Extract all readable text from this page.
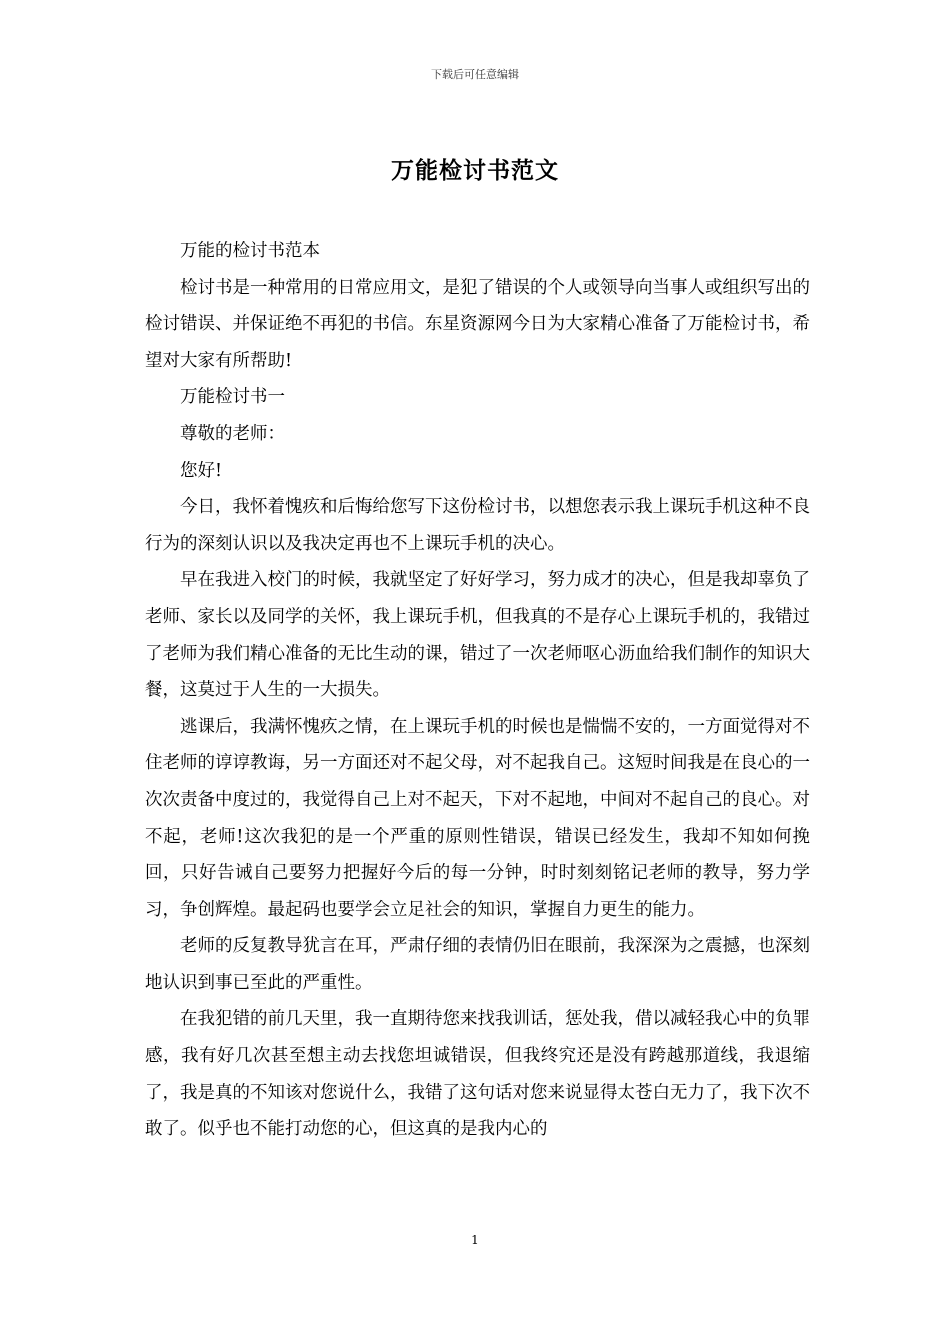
下载后可任意编辑
万能检讨书范文

万能的检讨书范本

检讨书是一种常用的日常应用文，是犯了错误的个人或领导向当事人或组织写出的检讨错误、并保证绝不再犯的书信。东星资源网今日为大家精心准备了万能检讨书，希望对大家有所帮助!

万能检讨书一

尊敬的老师：

您好!

今日，我怀着愧疚和后悔给您写下这份检讨书，以想您表示我上课玩手机这种不良行为的深刻认识以及我决定再也不上课玩手机的决心。

早在我进入校门的时候，我就坚定了好好学习，努力成才的决心，但是我却辜负了老师、家长以及同学的关怀，我上课玩手机，但我真的不是存心上课玩手机的，我错过了老师为我们精心准备的无比生动的课，错过了一次老师呕心沥血给我们制作的知识大餐，这莫过于人生的一大损失。

逃课后，我满怀愧疚之情，在上课玩手机的时候也是惴惴不安的，一方面觉得对不住老师的谆谆教诲，另一方面还对不起父母，对不起我自己。这短时间我是在良心的一次次责备中度过的，我觉得自己上对不起天，下对不起地，中间对不起自己的良心。对不起，老师!这次我犯的是一个严重的原则性错误，错误已经发生，我却不知如何挽回，只好告诫自己要努力把握好今后的每一分钟，时时刻刻铭记老师的教导，努力学习，争创辉煌。最起码也要学会立足社会的知识，掌握自力更生的能力。

老师的反复教导犹言在耳，严肃仔细的表情仍旧在眼前，我深深为之震撼，也深刻地认识到事已至此的严重性。

在我犯错的前几天里，我一直期待您来找我训话，惩处我，借以减轻我心中的负罪感，我有好几次甚至想主动去找您坦诚错误，但我终究还是没有跨越那道线，我退缩了，我是真的不知该对您说什么，我错了这句话对您来说显得太苍白无力了，我下次不敢了。似乎也不能打动您的心，但这真的是我内心的

1
